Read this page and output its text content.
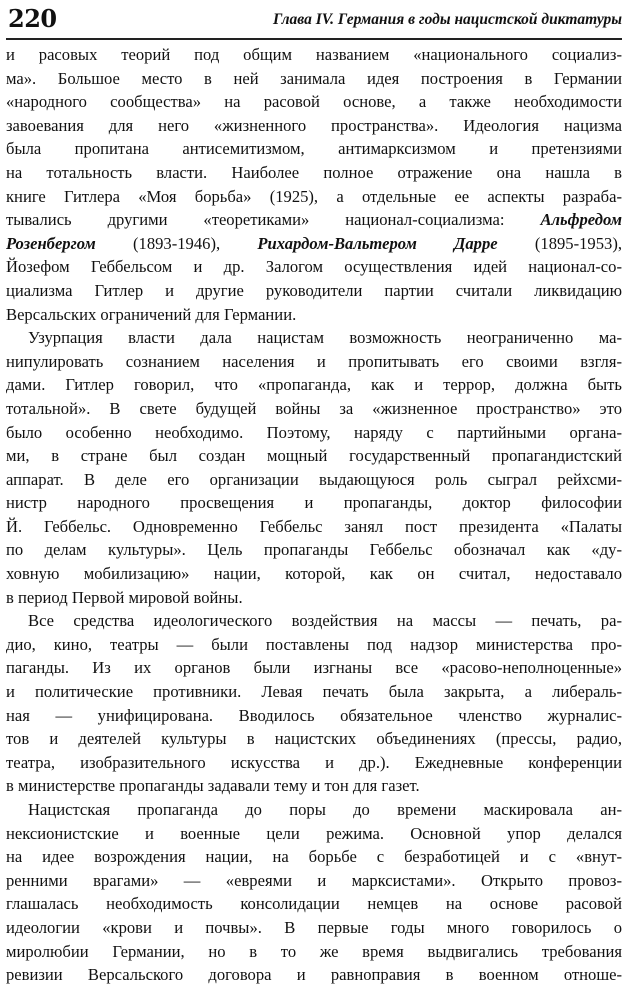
220	Глава IV. Германия в годы нацистской диктатуры
и расовых теорий под общим названием «национального социализ-
ма». Большое место в ней занимала идея построения в Германии
«народного сообщества» на расовой основе, а также необходимости
завоевания для него «жизненного пространства». Идеология нацизма
была пропитана антисемитизмом, антимарксизмом и претензиями
на тотальность власти. Наиболее полное отражение она нашла в
книге Гитлера «Моя борьба» (1925), а отдельные ее аспекты разраба-
тывались другими «теоретиками» национал-социализма: Альфредом
Розенбергом (1893-1946), Рихардом-Вальтером Дарре (1895-1953),
Йозефом Геббельсом и др. Залогом осуществления идей национал-со-
циализма Гитлер и другие руководители партии считали ликвидацию
Версальских ограничений для Германии.
Узурпация власти дала нацистам возможность неограниченно ма-
нипулировать сознанием населения и пропитывать его своими взгля-
дами. Гитлер говорил, что «пропаганда, как и террор, должна быть
тотальной». В свете будущей войны за «жизненное пространство» это
было особенно необходимо. Поэтому, наряду с партийными органа-
ми, в стране был создан мощный государственный пропагандистский
аппарат. В деле его организации выдающуюся роль сыграл рейхсми-
нистр народного просвещения и пропаганды, доктор философии
Й. Геббельс. Одновременно Геббельс занял пост президента «Палаты
по делам культуры». Цель пропаганды Геббельс обозначал как «ду-
ховную мобилизацию» нации, которой, как он считал, недоставало
в период Первой мировой войны.
Все средства идеологического воздействия на массы — печать, ра-
дио, кино, театры — были поставлены под надзор министерства про-
паганды. Из их органов были изгнаны все «расово-неполноценные»
и политические противники. Левая печать была закрыта, а либераль-
ная — унифицирована. Вводилось обязательное членство журналис-
тов и деятелей культуры в нацистских объединениях (прессы, радио,
театра, изобразительного искусства и др.). Ежедневные конференции
в министерстве пропаганды задавали тему и тон для газет.
Нацистская пропаганда до поры до времени маскировала ан-
нексионистские и военные цели режима. Основной упор делался
на идее возрождения нации, на борьбе с безработицей и с «внут-
ренними врагами» — «евреями и марксистами». Открыто провоз-
глашалась необходимость консолидации немцев на основе расовой
идеологии «крови и почвы». В первые годы много говорилось о
миролюбии Германии, но в то же время выдвигались требования
ревизии Версальского договора и равноправия в военном отноше-
